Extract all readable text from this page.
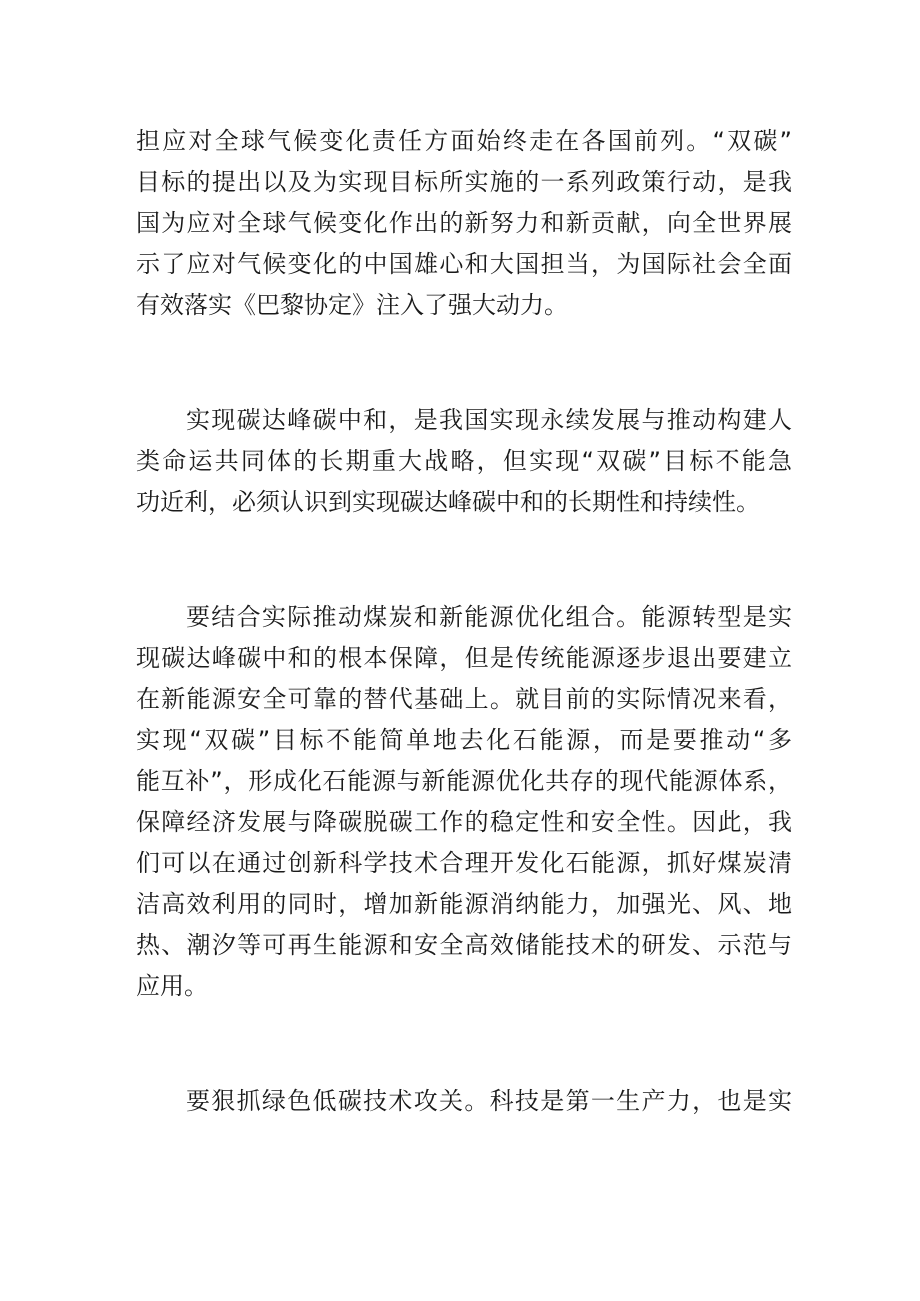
担应对全球气候变化责任方面始终走在各国前列。“双碳”
目标的提出以及为实现目标所实施的一系列政策行动，是我
国为应对全球气候变化作出的新努力和新贡献，向全世界展
示了应对气候变化的中国雄心和大国担当，为国际社会全面
有效落实《巴黎协定》注入了强大动力。
实现碳达峰碳中和，是我国实现永续发展与推动构建人
类命运共同体的长期重大战略，但实现“双碳”目标不能急
功近利，必须认识到实现碳达峰碳中和的长期性和持续性。
要结合实际推动煤炭和新能源优化组合。能源转型是实
现碳达峰碳中和的根本保障，但是传统能源逐步退出要建立
在新能源安全可靠的替代基础上。就目前的实际情况来看，
实现“双碳”目标不能简单地去化石能源，而是要推动“多
能互补”，形成化石能源与新能源优化共存的现代能源体系，
保障经济发展与降碳脱碳工作的稳定性和安全性。因此，我
们可以在通过创新科学技术合理开发化石能源，抓好煤炭清
洁高效利用的同时，增加新能源消纳能力，加强光、风、地
热、潮汐等可再生能源和安全高效储能技术的研发、示范与
应用。
要狠抓绿色低碳技术攻关。科技是第一生产力，也是实
